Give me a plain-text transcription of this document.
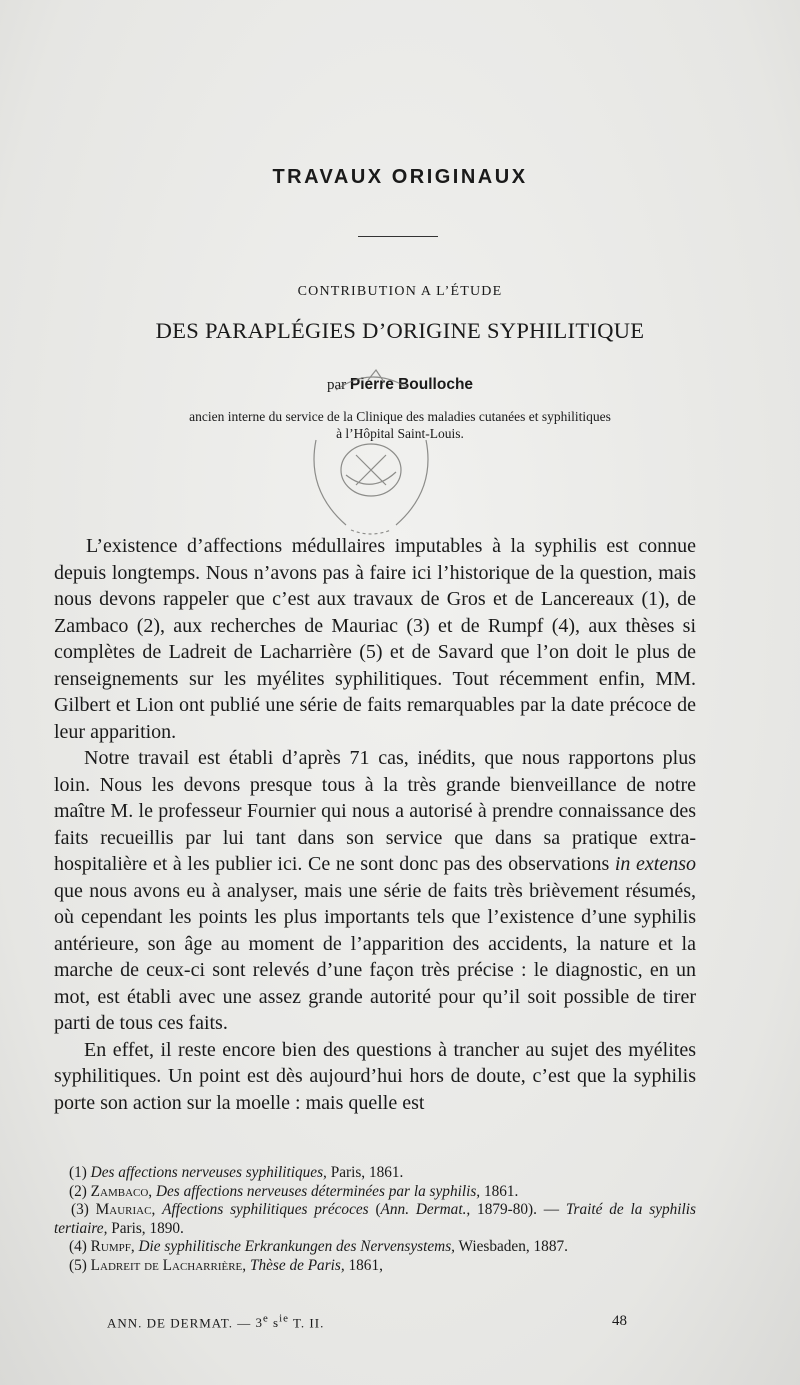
TRAVAUX ORIGINAUX
CONTRIBUTION A L’ÉTUDE
DES PARAPLÉGIES D’ORIGINE SYPHILITIQUE
par Pierre Boulloche
ancien interne du service de la Clinique des maladies cutanées et syphilitiques
à l’Hôpital Saint-Louis.

L’existence d’affections médullaires imputables à la syphilis est connue depuis longtemps. Nous n’avons pas à faire ici l’historique de la question, mais nous devons rappeler que c’est aux travaux de Gros et de Lancereaux (1), de Zambaco (2), aux recherches de Mauriac (3) et de Rumpf (4), aux thèses si complètes de Ladreit de Lacharrière (5) et de Savard que l’on doit le plus de renseignements sur les myélites syphilitiques. Tout récemment enfin, MM. Gilbert et Lion ont publié une série de faits remarquables par la date précoce de leur apparition.

Notre travail est établi d’après 71 cas, inédits, que nous rapportons plus loin. Nous les devons presque tous à la très grande bienveillance de notre maître M. le professeur Fournier qui nous a autorisé à prendre connaissance des faits recueillis par lui tant dans son service que dans sa pratique extra-hospitalière et à les publier ici. Ce ne sont donc pas des observations in extenso que nous avons eu à analyser, mais une série de faits très brièvement résumés, où cependant les points les plus importants tels que l’existence d’une syphilis antérieure, son âge au moment de l’apparition des accidents, la nature et la marche de ceux-ci sont relevés d’une façon très précise : le diagnostic, en un mot, est établi avec une assez grande autorité pour qu’il soit possible de tirer parti de tous ces faits.

En effet, il reste encore bien des questions à trancher au sujet des myélites syphilitiques. Un point est dès aujourd’hui hors de doute, c’est que la syphilis porte son action sur la moelle : mais quelle est

(1) Des affections nerveuses syphilitiques, Paris, 1861.

(2) Zambaco, Des affections nerveuses déterminées par la syphilis, 1861.

(3) Mauriac, Affections syphilitiques précoces (Ann. Dermat., 1879-80). — Traité de la syphilis tertiaire, Paris, 1890.

(4) Rumpf, Die syphilitische Erkrankungen des Nervensystems, Wiesbaden, 1887.

(5) Ladreit de Lacharrière, Thèse de Paris, 1861,

ANN. DE DERMAT. — 3e $s^{ie}$ T. II.	48
